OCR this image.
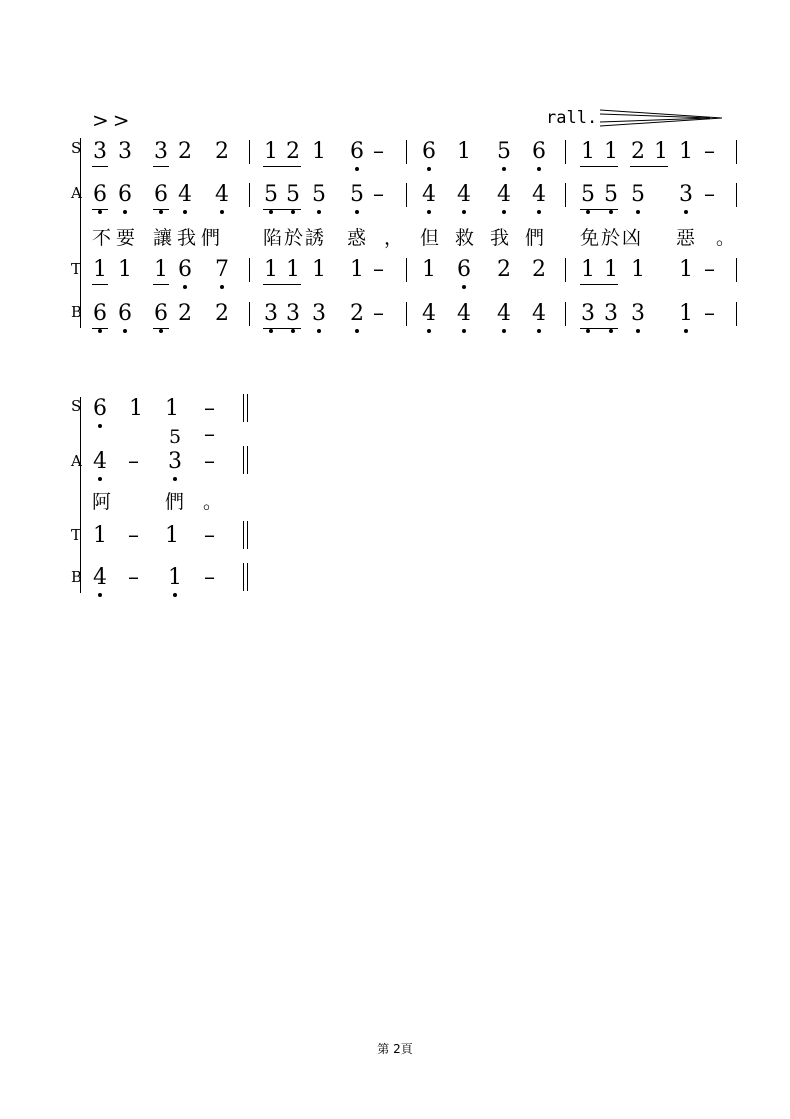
>>	rall.
S
A
T
B
3 3 3 2 2 1 2 1 6 – 6 1 5 6 1 1 2 1 1 –
6 6 6 4 4 5 5 5 5 – 4 4 4 4 5 5 5 3 –
不要 讓我們 陷於誘 惑 ， 但救我們 免於凶 惡 。
1 1 1 6 7 1 1 1 1 – 1 6 2 2 1 1 1 1 –
6 6 6 2 2 3 3 3 2 – 4 4 4 4 3 3 3 1 –
S
A
T
B
6 1 1 –
5 –
4 – 3 –
阿	們 。
1 – 1 –
4 – 1 –
第 2頁
